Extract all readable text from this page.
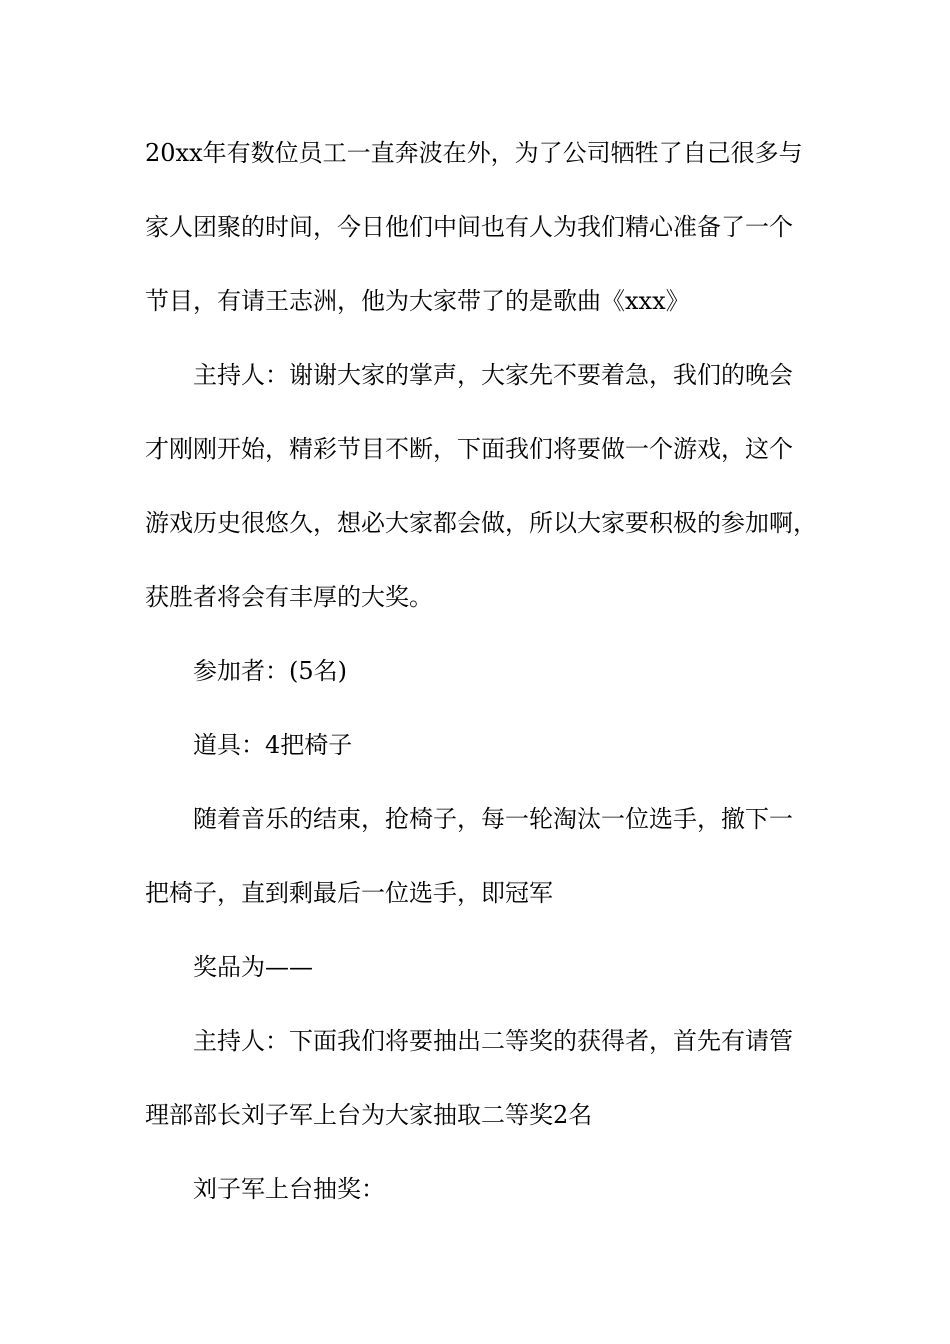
20xx年有数位员工一直奔波在外，为了公司牺牲了自己很多与

家人团聚的时间，今日他们中间也有人为我们精心准备了一个

节目，有请王志洲，他为大家带了的是歌曲《xxx》

主持人：谢谢大家的掌声，大家先不要着急，我们的晚会

才刚刚开始，精彩节目不断，下面我们将要做一个游戏，这个

游戏历史很悠久，想必大家都会做，所以大家要积极的参加啊，

获胜者将会有丰厚的大奖。

参加者：(5名)

道具：4把椅子

随着音乐的结束，抢椅子，每一轮淘汰一位选手，撤下一

把椅子，直到剩最后一位选手，即冠军

奖品为——

主持人：下面我们将要抽出二等奖的获得者，首先有请管

理部部长刘子军上台为大家抽取二等奖2名

刘子军上台抽奖：
